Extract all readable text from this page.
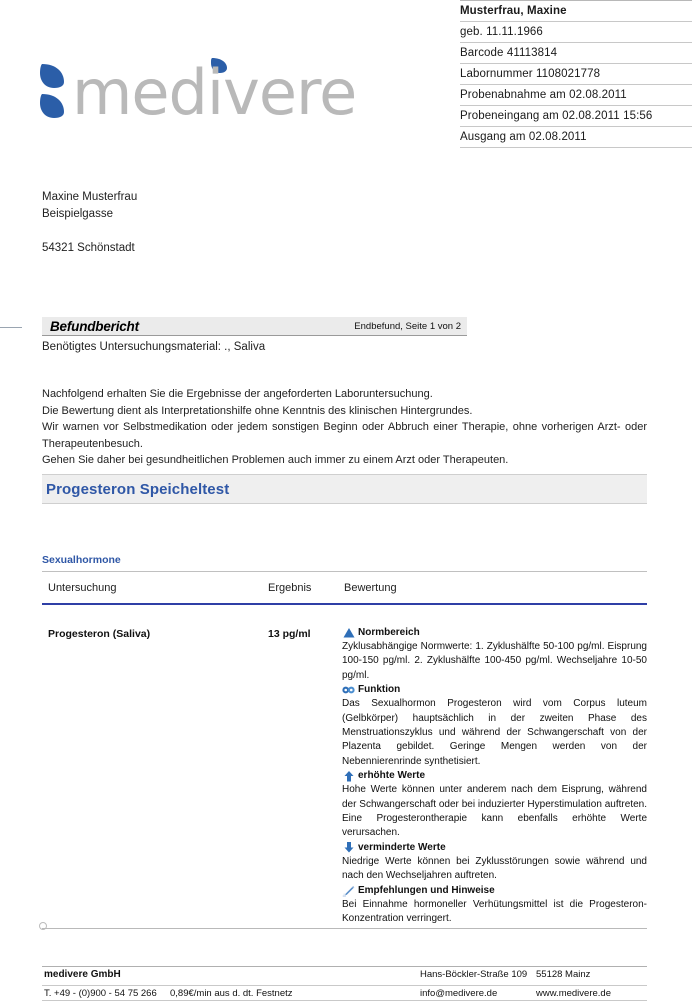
Musterfrau, Maxine
geb. 11.11.1966
Barcode 41113814
Labornummer 1108021778
Probenabnahme am 02.08.2011
Probeneingang am 02.08.2011 15:56
Ausgang am 02.08.2011
medivere
Maxine Musterfrau
Beispielgasse
54321 Schönstadt
Befundbericht	Endbefund, Seite 1 von 2
Benötigtes Untersuchungsmaterial: ., Saliva

Nachfolgend erhalten Sie die Ergebnisse der angeforderten Laboruntersuchung.

Die Bewertung dient als Interpretationshilfe ohne Kenntnis des klinischen Hintergrundes.

Wir warnen vor Selbstmedikation oder jedem sonstigen Beginn oder Abbruch einer Therapie, ohne vorherigen Arzt- oder Therapeutenbesuch.

Gehen Sie daher bei gesundheitlichen Problemen auch immer zu einem Arzt oder Therapeuten.

Progesteron Speicheltest
Sexualhormone
Untersuchung	Ergebnis	Bewertung
Progesteron (Saliva)	13 pg/ml	Normbereich

Zyklusabhängige Normwerte: 1. Zyklushälfte 50-100 pg/ml. Eisprung 100-150 pg/ml. 2. Zyklushälfte 100-450 pg/ml. Wechseljahre 10-50 pg/ml.

Funktion

Das Sexualhormon Progesteron wird vom Corpus luteum (Gelbkörper) hauptsächlich in der zweiten Phase des Menstruationszyklus und während der Schwangerschaft von der Plazenta gebildet. Geringe Mengen werden von der Nebennierenrinde synthetisiert.

erhöhte Werte

Hohe Werte können unter anderem nach dem Eisprung, während der Schwangerschaft oder bei induzierter Hyperstimulation auftreten. Eine Progesterontherapie kann ebenfalls erhöhte Werte verursachen.

verminderte Werte

Niedrige Werte können bei Zyklusstörungen sowie während und nach den Wechseljahren auftreten.

Empfehlungen und Hinweise

Bei Einnahme hormoneller Verhütungsmittel ist die Progesteron-Konzentration verringert.

medivere GmbH	Hans-Böckler-Straße 109 55128 Mainz
T. +49 - (0)900 - 54 75 266 0,89€/min aus d. dt. Festnetz	info@medivere.de	www.medivere.de
